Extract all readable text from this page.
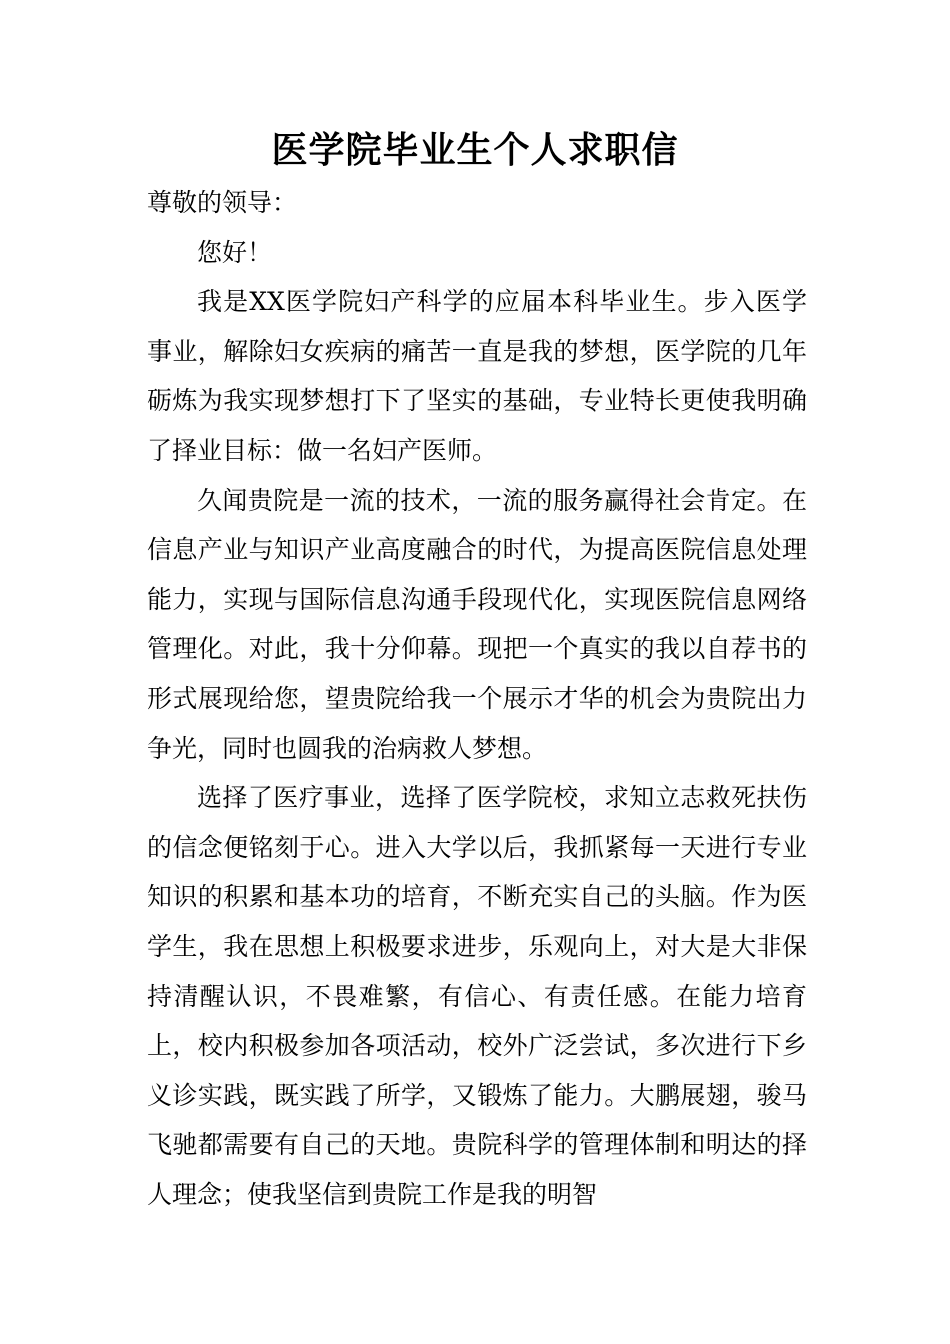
医学院毕业生个人求职信

尊敬的领导：

您好！

我是XX医学院妇产科学的应届本科毕业生。步入医学事业，解除妇女疾病的痛苦一直是我的梦想，医学院的几年砺炼为我实现梦想打下了坚实的基础，专业特长更使我明确了择业目标：做一名妇产医师。

久闻贵院是一流的技术，一流的服务赢得社会肯定。在信息产业与知识产业高度融合的时代，为提高医院信息处理能力，实现与国际信息沟通手段现代化，实现医院信息网络管理化。对此，我十分仰幕。现把一个真实的我以自荐书的形式展现给您，望贵院给我一个展示才华的机会为贵院出力争光，同时也圆我的治病救人梦想。

选择了医疗事业，选择了医学院校，求知立志救死扶伤的信念便铭刻于心。进入大学以后，我抓紧每一天进行专业知识的积累和基本功的培育，不断充实自己的头脑。作为医学生，我在思想上积极要求进步，乐观向上，对大是大非保持清醒认识，不畏难繁，有信心、有责任感。在能力培育上，校内积极参加各项活动，校外广泛尝试，多次进行下乡义诊实践，既实践了所学，又锻炼了能力。大鹏展翅，骏马飞驰都需要有自己的天地。贵院科学的管理体制和明达的择人理念；使我坚信到贵院工作是我的明智
